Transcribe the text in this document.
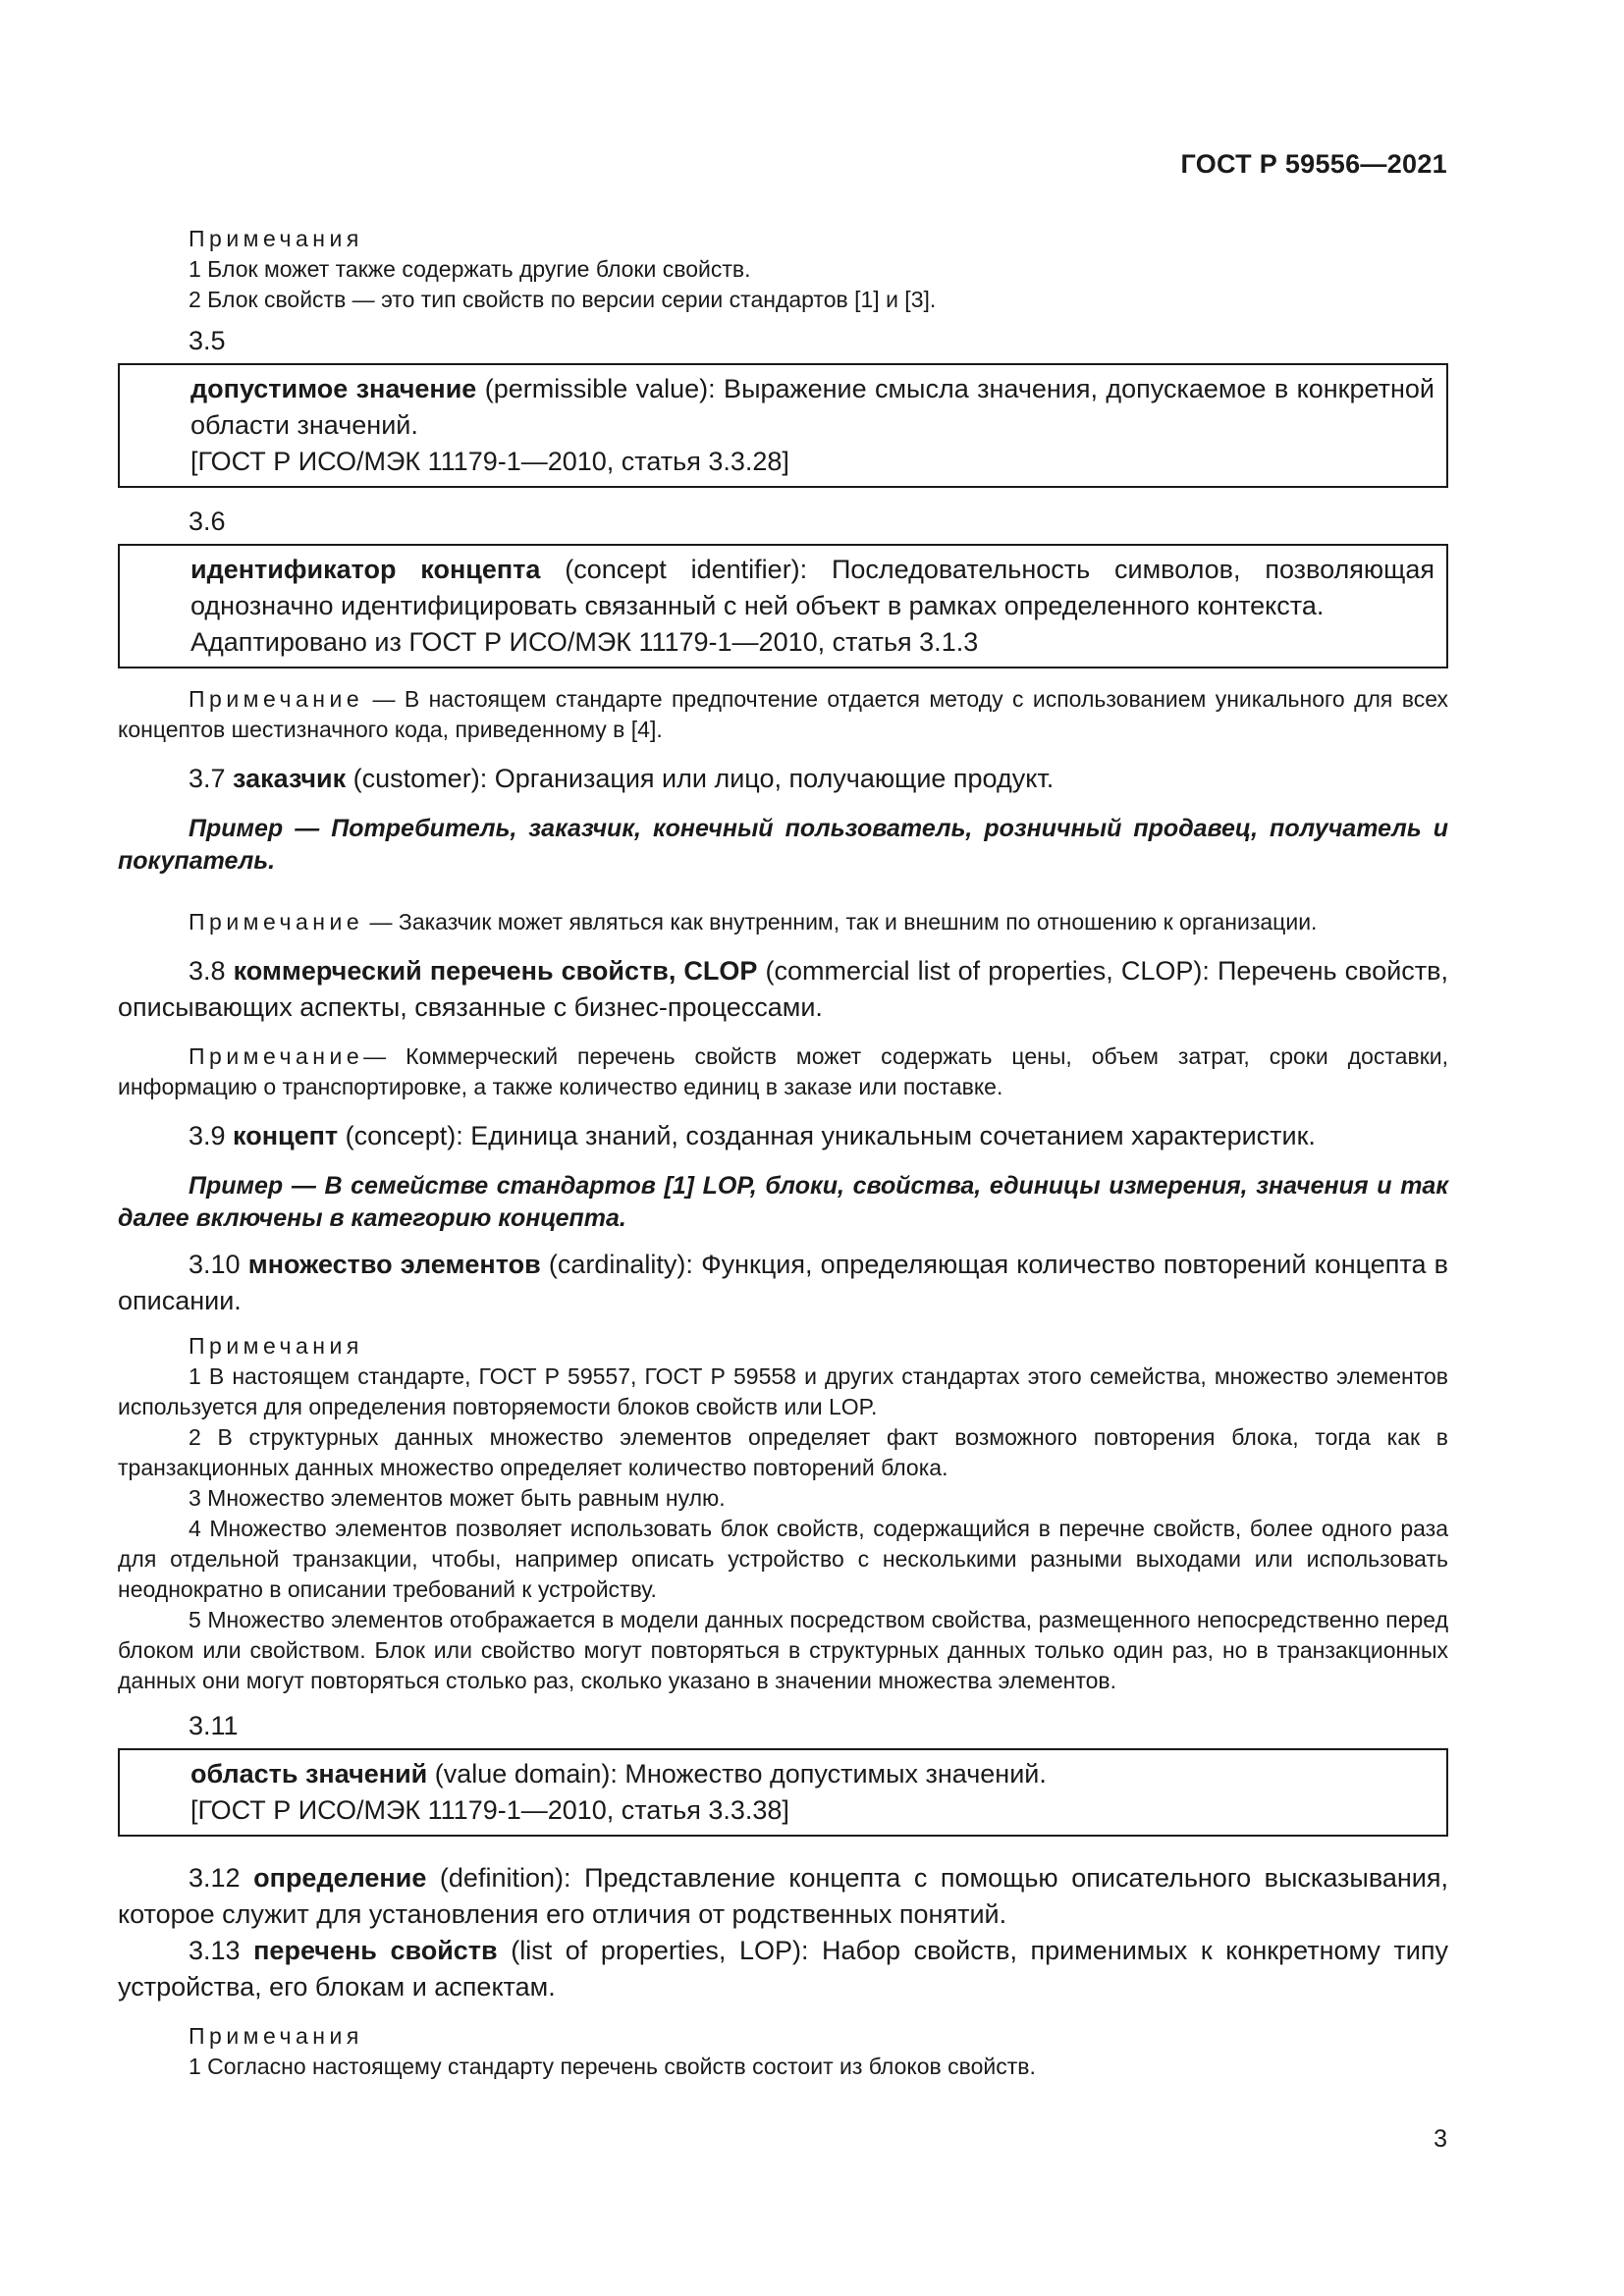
ГОСТ Р 59556—2021

Примечания

1 Блок может также содержать другие блоки свойств.

2 Блок свойств — это тип свойств по версии серии стандартов [1] и [3].

3.5

допустимое значение (permissible value): Выражение смысла значения, допускаемое в конкретной области значений.

[ГОСТ Р ИСО/МЭК 11179-1—2010, статья 3.3.28]

3.6

идентификатор концепта (concept identifier): Последовательность символов, позволяющая однозначно идентифицировать связанный с ней объект в рамках определенного контекста.

Адаптировано из ГОСТ Р ИСО/МЭК 11179-1—2010, статья 3.1.3

Примечание — В настоящем стандарте предпочтение отдается методу с использованием уникального для всех концептов шестизначного кода, приведенному в [4].

3.7 заказчик (customer): Организация или лицо, получающие продукт.

Пример — Потребитель, заказчик, конечный пользователь, розничный продавец, получатель и покупатель.

Примечание — Заказчик может являться как внутренним, так и внешним по отношению к организации.

3.8 коммерческий перечень свойств, CLOP (commercial list of properties, CLOP): Перечень свойств, описывающих аспекты, связанные с бизнес-процессами.

Примечание— Коммерческий перечень свойств может содержать цены, объем затрат, сроки доставки, информацию о транспортировке, а также количество единиц в заказе или поставке.

3.9 концепт (concept): Единица знаний, созданная уникальным сочетанием характеристик.

Пример — В семействе стандартов [1] LOP, блоки, свойства, единицы измерения, значения и так далее включены в категорию концепта.

3.10 множество элементов (cardinality): Функция, определяющая количество повторений концепта в описании.

Примечания

1 В настоящем стандарте, ГОСТ Р 59557, ГОСТ Р 59558 и других стандартах этого семейства, множество элементов используется для определения повторяемости блоков свойств или LOP.

2 В структурных данных множество элементов определяет факт возможного повторения блока, тогда как в транзакционных данных множество определяет количество повторений блока.

3 Множество элементов может быть равным нулю.

4 Множество элементов позволяет использовать блок свойств, содержащийся в перечне свойств, более одного раза для отдельной транзакции, чтобы, например описать устройство с несколькими разными выходами или использовать неоднократно в описании требований к устройству.

5 Множество элементов отображается в модели данных посредством свойства, размещенного непосредственно перед блоком или свойством. Блок или свойство могут повторяться в структурных данных только один раз, но в транзакционных данных они могут повторяться столько раз, сколько указано в значении множества элементов.

3.11

область значений (value domain): Множество допустимых значений.

[ГОСТ Р ИСО/МЭК 11179-1—2010, статья 3.3.38]

3.12 определение (definition): Представление концепта с помощью описательного высказывания, которое служит для установления его отличия от родственных понятий.

3.13 перечень свойств (list of properties, LOP): Набор свойств, применимых к конкретному типу устройства, его блокам и аспектам.

Примечания

1 Согласно настоящему стандарту перечень свойств состоит из блоков свойств.

3
